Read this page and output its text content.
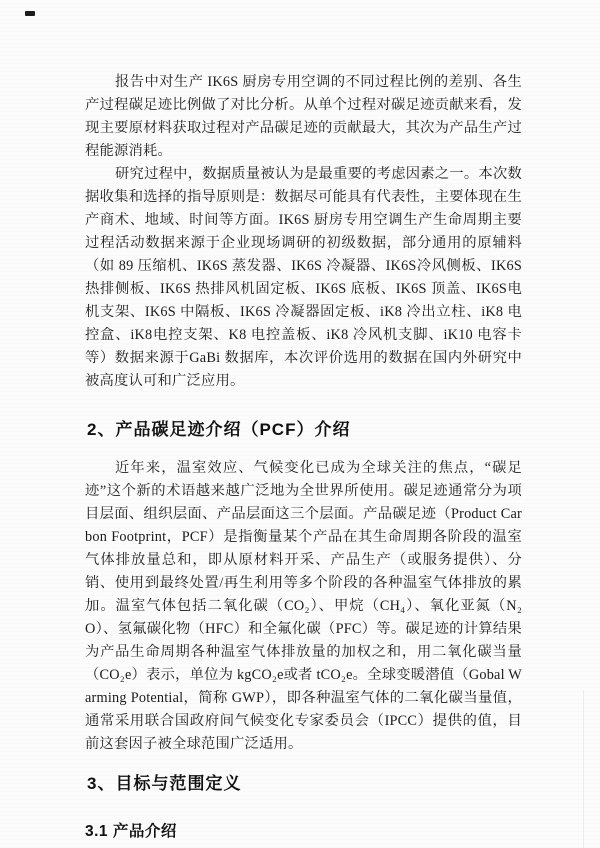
报告中对生产 IK6S 厨房专用空调的不同过程比例的差别、各生产过程碳足迹比例做了对比分析。从单个过程对碳足迹贡献来看，发现主要原材料获取过程对产品碳足迹的贡献最大，其次为产品生产过程能源消耗。

研究过程中，数据质量被认为是最重要的考虑因素之一。本次数据收集和选择的指导原则是：数据尽可能具有代表性，主要体现在生产商术、地域、时间等方面。IK6S 厨房专用空调生产生命周期主要过程活动数据来源于企业现场调研的初级数据，部分通用的原辅料（如 89 压缩机、IK6S 蒸发器、IK6S 冷凝器、IK6S冷风侧板、IK6S 热排侧板、IK6S 热排风机固定板、IK6S 底板、IK6S 顶盖、IK6S电机支架、IK6S 中隔板、IK6S 冷凝器固定板、iK8 冷出立柱、iK8 电控盒、iK8电控支架、K8 电控盖板、iK8 冷风机支脚、iK10 电容卡等）数据来源于GaBi 数据库，本次评价选用的数据在国内外研究中被高度认可和广泛应用。

2、产品碳足迹介绍（PCF）介绍

近年来，温室效应、气候变化已成为全球关注的焦点，“碳足迹”这个新的术语越来越广泛地为全世界所使用。碳足迹通常分为项目层面、组织层面、产品层面这三个层面。产品碳足迹（Product Carbon Footprint，PCF）是指衡量某个产品在其生命周期各阶段的温室气体排放量总和，即从原材料开采、产品生产（或服务提供）、分销、使用到最终处置/再生利用等多个阶段的各种温室气体排放的累加。温室气体包括二氧化碳（CO₂）、甲烷（CH₄）、氧化亚氮（N₂O）、氢氟碳化物（HFC）和全氟化碳（PFC）等。碳足迹的计算结果为产品生命周期各种温室气体排放量的加权之和，用二氧化碳当量（CO₂e）表示，单位为 kgCO₂e或者 tCO₂e。全球变暖潜值（Gobal Warming Potential，简称 GWP），即各种温室气体的二氧化碳当量值，通常采用联合国政府间气候变化专家委员会（IPCC）提供的值，目前这套因子被全球范围广泛适用。

3、目标与范围定义
3.1 产品介绍
